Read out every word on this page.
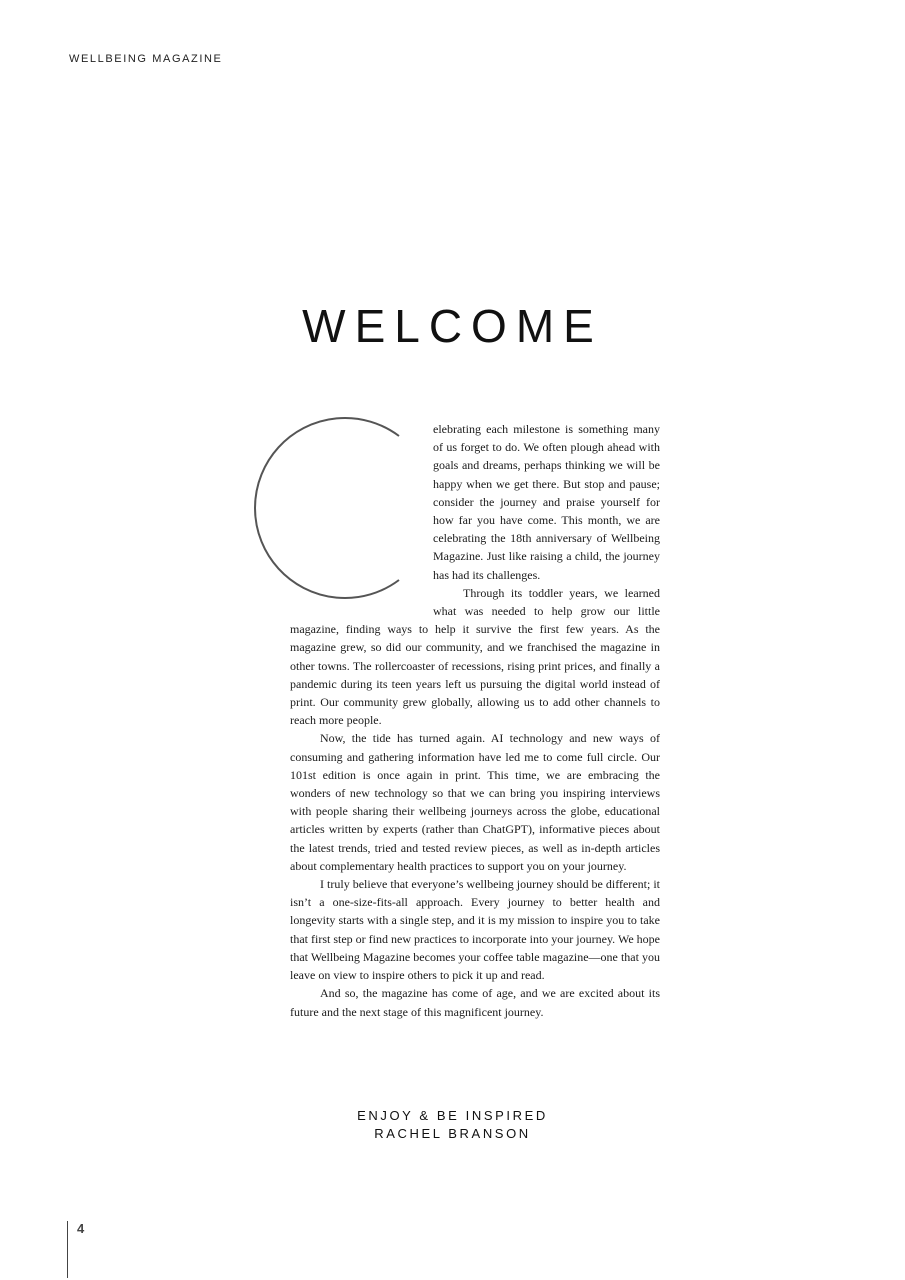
WELLBEING MAGAZINE
WELCOME

elebrating each milestone is something many of us forget to do. We often plough ahead with goals and dreams, perhaps thinking we will be happy when we get there. But stop and pause; consider the journey and praise yourself for how far you have come. This month, we are celebrating the 18th anniversary of Wellbeing Magazine. Just like raising a child, the journey has had its challenges.

Through its toddler years, we learned what was needed to help grow our little magazine, finding ways to help it survive the first few years. As the magazine grew, so did our community, and we franchised the magazine in other towns. The rollercoaster of recessions, rising print prices, and finally a pandemic during its teen years left us pursuing the digital world instead of print. Our community grew globally, allowing us to add other channels to reach more people.

Now, the tide has turned again. AI technology and new ways of consuming and gathering information have led me to come full circle. Our 101st edition is once again in print. This time, we are embracing the wonders of new technology so that we can bring you inspiring interviews with people sharing their wellbeing journeys across the globe, educational articles written by experts (rather than ChatGPT), informative pieces about the latest trends, tried and tested review pieces, as well as in-depth articles about complementary health practices to support you on your journey.

I truly believe that everyone’s wellbeing journey should be different; it isn’t a one-size-fits-all approach. Every journey to better health and longevity starts with a single step, and it is my mission to inspire you to take that first step or find new practices to incorporate into your journey. We hope that Wellbeing Magazine becomes your coffee table magazine—one that you leave on view to inspire others to pick it up and read.

And so, the magazine has come of age, and we are excited about its future and the next stage of this magnificent journey.

ENJOY & BE INSPIRED
RACHEL BRANSON
4
